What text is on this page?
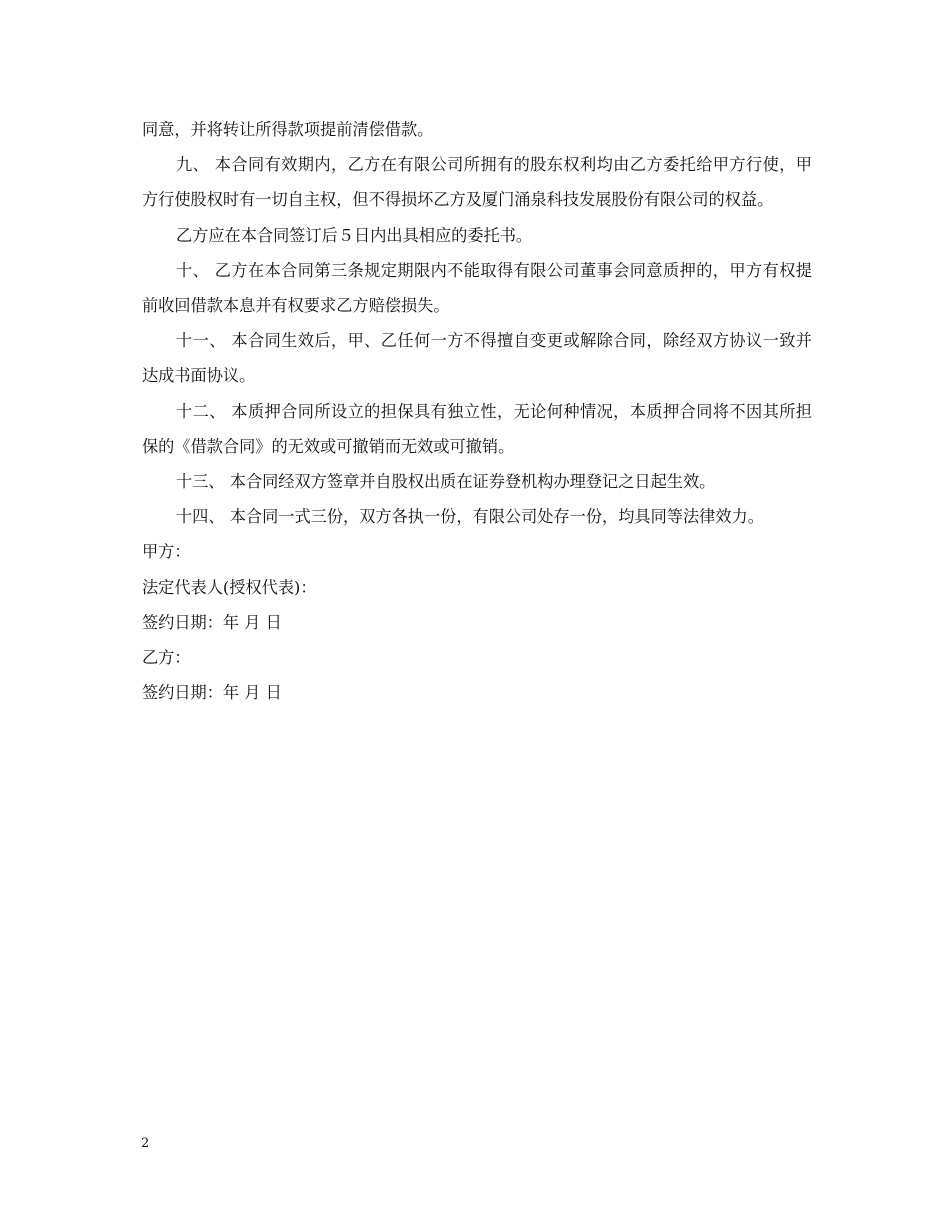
同意，并将转让所得款项提前清偿借款。

九、 本合同有效期内，乙方在有限公司所拥有的股东权利均由乙方委托给甲方行使，甲方行使股权时有一切自主权，但不得损坏乙方及厦门涌泉科技发展股份有限公司的权益。

乙方应在本合同签订后５日内出具相应的委托书。

十、 乙方在本合同第三条规定期限内不能取得有限公司董事会同意质押的，甲方有权提前收回借款本息并有权要求乙方赔偿损失。

十一、 本合同生效后，甲、乙任何一方不得擅自变更或解除合同，除经双方协议一致并达成书面协议。

十二、 本质押合同所设立的担保具有独立性，无论何种情况，本质押合同将不因其所担保的《借款合同》的无效或可撤销而无效或可撤销。

十三、 本合同经双方签章并自股权出质在证券登机构办理登记之日起生效。

十四、 本合同一式三份，双方各执一份，有限公司处存一份，均具同等法律效力。

甲方：

法定代表人(授权代表)：

签约日期：年 月 日

乙方：

签约日期：年 月 日

2
